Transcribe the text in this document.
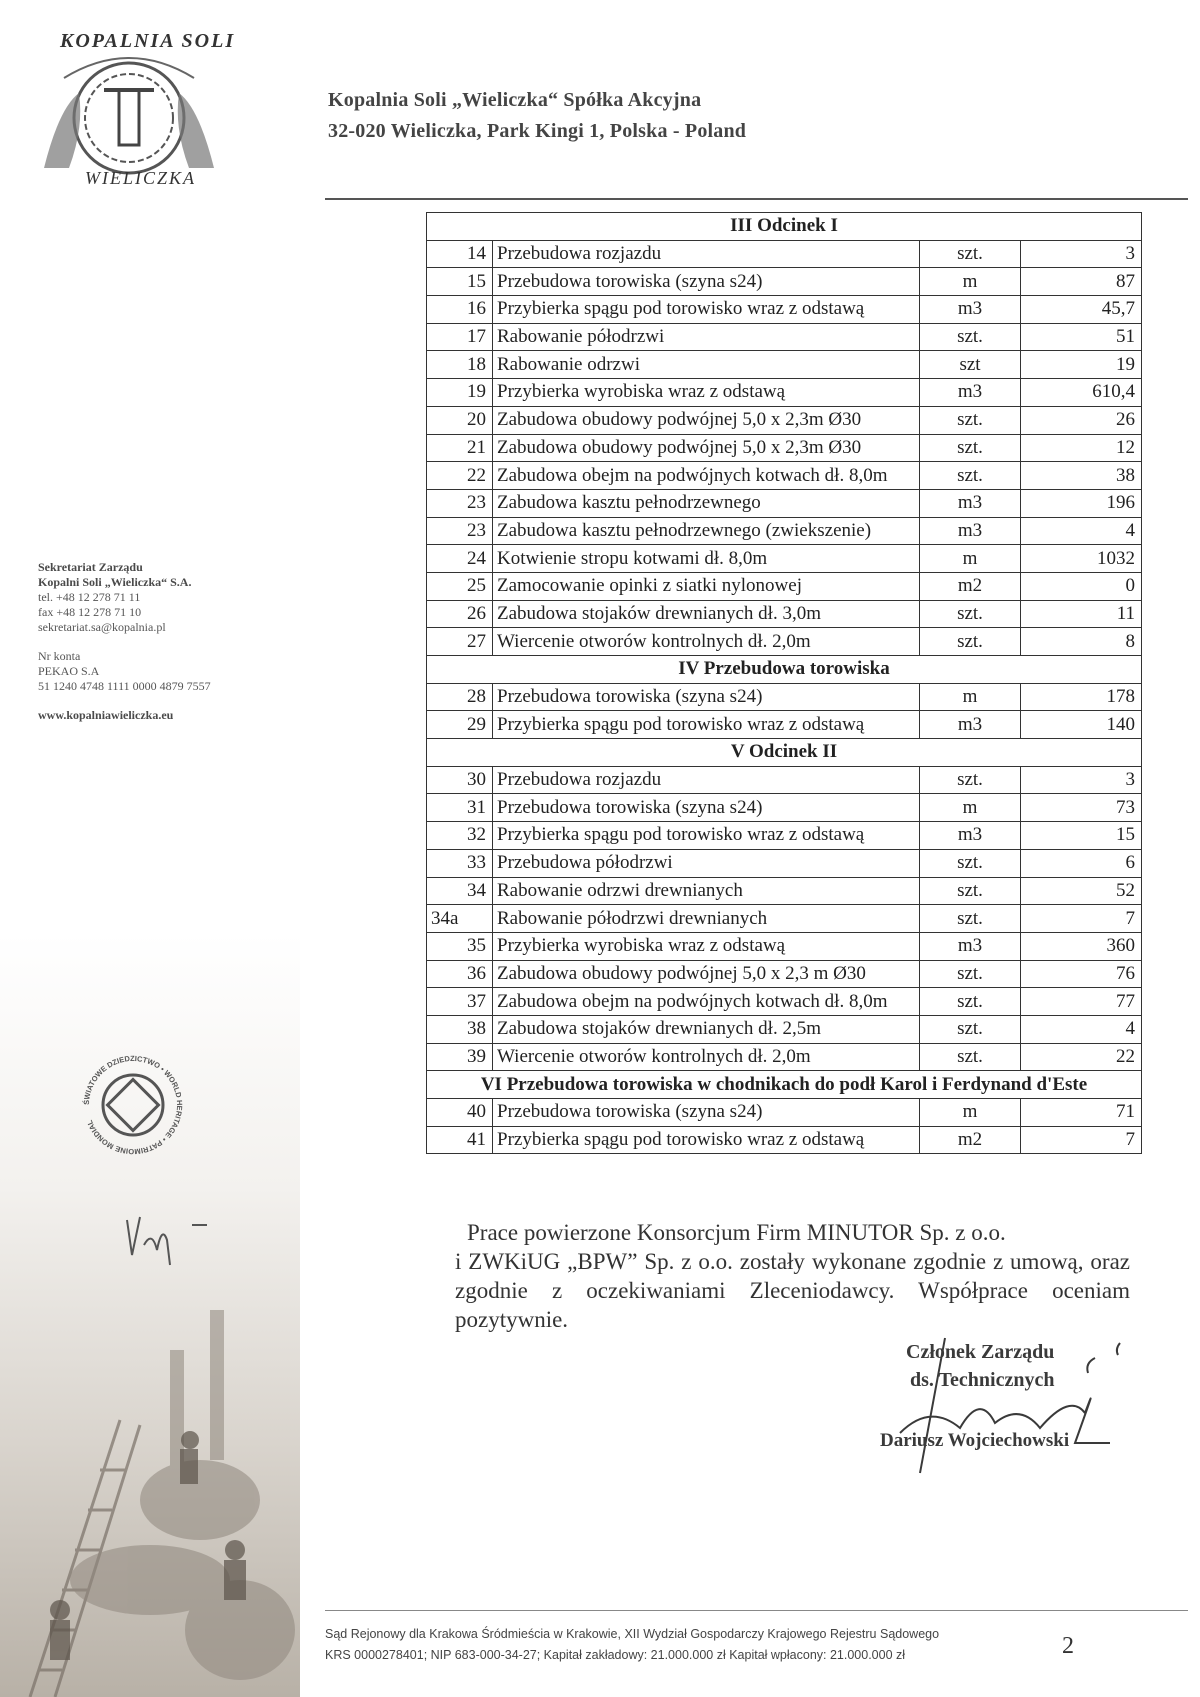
KOPALNIA SOLI
WIELICZKA
Kopalnia Soli „Wieliczka“ Spółka Akcyjna
32-020 Wieliczka, Park Kingi 1, Polska - Poland
Sekretariat Zarządu
Kopalni Soli „Wieliczka“ S.A.
tel. +48 12 278 71 11
fax +48 12 278 71 10
sekretariat.sa@kopalnia.pl
Nr konta
PEKAO S.A
51 1240 4748 1111 0000 4879 7557
www.kopalniawieliczka.eu
ŚWIATOWE DZIEDZICTWO • WORLD HERITAGE • PATRIMOINE MONDIAL
III Odcinek I			
14	Przebudowa rozjazdu	szt.	3
15	Przebudowa torowiska (szyna s24)	m	87
16	Przybierka spągu pod torowisko wraz z odstawą	m3	45,7
17	Rabowanie półodrzwi	szt.	51
18	Rabowanie odrzwi	szt	19
19	Przybierka wyrobiska wraz z odstawą	m3	610,4
20	Zabudowa obudowy podwójnej 5,0 x 2,3m Ø30	szt.	26
21	Zabudowa obudowy podwójnej 5,0 x 2,3m Ø30	szt.	12
22	Zabudowa obejm na podwójnych kotwach dł. 8,0m	szt.	38
23	Zabudowa kasztu pełnodrzewnego	m3	196
23	Zabudowa kasztu pełnodrzewnego (zwiekszenie)	m3	4
24	Kotwienie stropu kotwami dł. 8,0m	m	1032
25	Zamocowanie opinki z siatki nylonowej	m2	0
26	Zabudowa stojaków drewnianych dł. 3,0m	szt.	11
27	Wiercenie otworów kontrolnych dł. 2,0m	szt.	8
IV Przebudowa torowiska			
28	Przebudowa torowiska (szyna s24)	m	178
29	Przybierka spągu pod torowisko wraz z odstawą	m3	140
V Odcinek II			
30	Przebudowa rozjazdu	szt.	3
31	Przebudowa torowiska (szyna s24)	m	73
32	Przybierka spągu pod torowisko wraz z odstawą	m3	15
33	Przebudowa półodrzwi	szt.	6
34	Rabowanie odrzwi drewnianych	szt.	52
34a	Rabowanie półodrzwi drewnianych	szt.	7
35	Przybierka wyrobiska wraz z odstawą	m3	360
36	Zabudowa obudowy podwójnej 5,0 x 2,3 m Ø30	szt.	76
37	Zabudowa obejm na podwójnych kotwach dł. 8,0m	szt.	77
38	Zabudowa stojaków drewnianych dł. 2,5m	szt.	4
39	Wiercenie otworów kontrolnych dł. 2,0m	szt.	22
VI Przebudowa torowiska w chodnikach do podł Karol i Ferdynand d'Este			
40	Przebudowa torowiska (szyna s24)	m	71
41	Przybierka spągu pod torowisko wraz z odstawą	m2	7

Prace powierzone Konsorcjum Firm MINUTOR Sp. z o.o.

i ZWKiUG „BPW” Sp. z o.o. zostały wykonane zgodnie z umową, oraz zgodnie z oczekiwaniami Zleceniodawcy. Współprace oceniam pozytywnie.

Członek Zarządu
ds. Technicznych
Dariusz Wojciechowski
Sąd Rejonowy dla Krakowa Śródmieścia w Krakowie, XII Wydział Gospodarczy Krajowego Rejestru Sądowego
KRS 0000278401; NIP 683-000-34-27; Kapitał zakładowy: 21.000.000 zł Kapitał wpłacony: 21.000.000 zł	2
